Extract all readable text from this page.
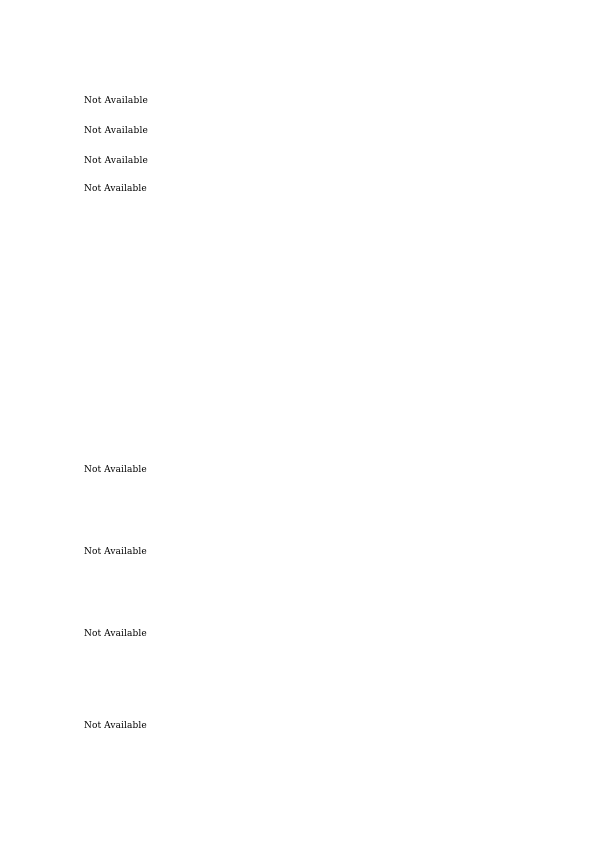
Not Available
Not Available
Not Available
Not Available
Not Available
Not Available
Not Available
Not Available
